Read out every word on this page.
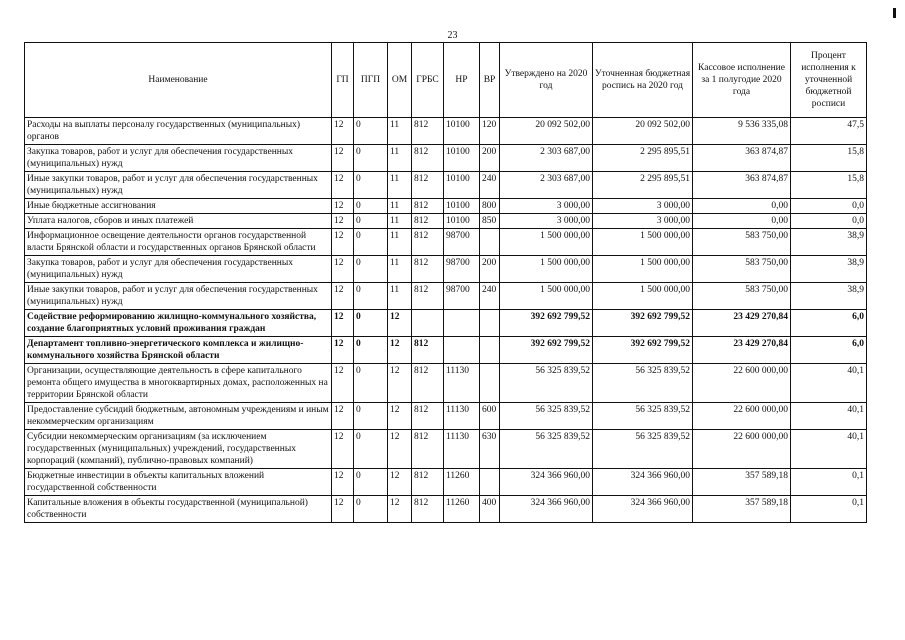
23
Наименование	ГП	ПГП	ОМ	ГРБС	НР	ВР	Утверждено на 2020 год	Уточненная бюджетная роспись на 2020 год	Кассовое исполнение за 1 полугодие 2020 года	Процент исполнения к уточненной бюджетной росписи
Расходы на выплаты персоналу государственных (муниципальных) органов	12	0	11	812	10100	120	20 092 502,00	20 092 502,00	9 536 335,08	47,5
Закупка товаров, работ и услуг для обеспечения государственных (муниципальных) нужд	12	0	11	812	10100	200	2 303 687,00	2 295 895,51	363 874,87	15,8
Иные закупки товаров, работ и услуг для обеспечения государственных (муниципальных) нужд	12	0	11	812	10100	240	2 303 687,00	2 295 895,51	363 874,87	15,8
Иные бюджетные ассигнования	12	0	11	812	10100	800	3 000,00	3 000,00	0,00	0,0
Уплата налогов, сборов и иных платежей	12	0	11	812	10100	850	3 000,00	3 000,00	0,00	0,0
Информационное освещение деятельности органов государственной власти Брянской области и государственных органов Брянской области	12	0	11	812	98700		1 500 000,00	1 500 000,00	583 750,00	38,9
Закупка товаров, работ и услуг для обеспечения государственных (муниципальных) нужд	12	0	11	812	98700	200	1 500 000,00	1 500 000,00	583 750,00	38,9
Иные закупки товаров, работ и услуг для обеспечения государственных (муниципальных) нужд	12	0	11	812	98700	240	1 500 000,00	1 500 000,00	583 750,00	38,9
Содействие реформированию жилищно-коммунального хозяйства, создание благоприятных условий проживания граждан	12	0	12				392 692 799,52	392 692 799,52	23 429 270,84	6,0
Департамент топливно-энергетического комплекса и жилищно-коммунального хозяйства Брянской области	12	0	12	812			392 692 799,52	392 692 799,52	23 429 270,84	6,0
Организации, осуществляющие деятельность в сфере капитального ремонта общего имущества в многоквартирных домах, расположенных на территории Брянской области	12	0	12	812	11130		56 325 839,52	56 325 839,52	22 600 000,00	40,1
Предоставление субсидий бюджетным, автономным учреждениям и иным некоммерческим организациям	12	0	12	812	11130	600	56 325 839,52	56 325 839,52	22 600 000,00	40,1
Субсидии некоммерческим организациям (за исключением государственных (муниципальных) учреждений, государственных корпораций (компаний), публично-правовых компаний)	12	0	12	812	11130	630	56 325 839,52	56 325 839,52	22 600 000,00	40,1
Бюджетные инвестиции в объекты капитальных вложений государственной собственности	12	0	12	812	11260		324 366 960,00	324 366 960,00	357 589,18	0,1
Капитальные вложения в объекты государственной (муниципальной) собственности	12	0	12	812	11260	400	324 366 960,00	324 366 960,00	357 589,18	0,1
